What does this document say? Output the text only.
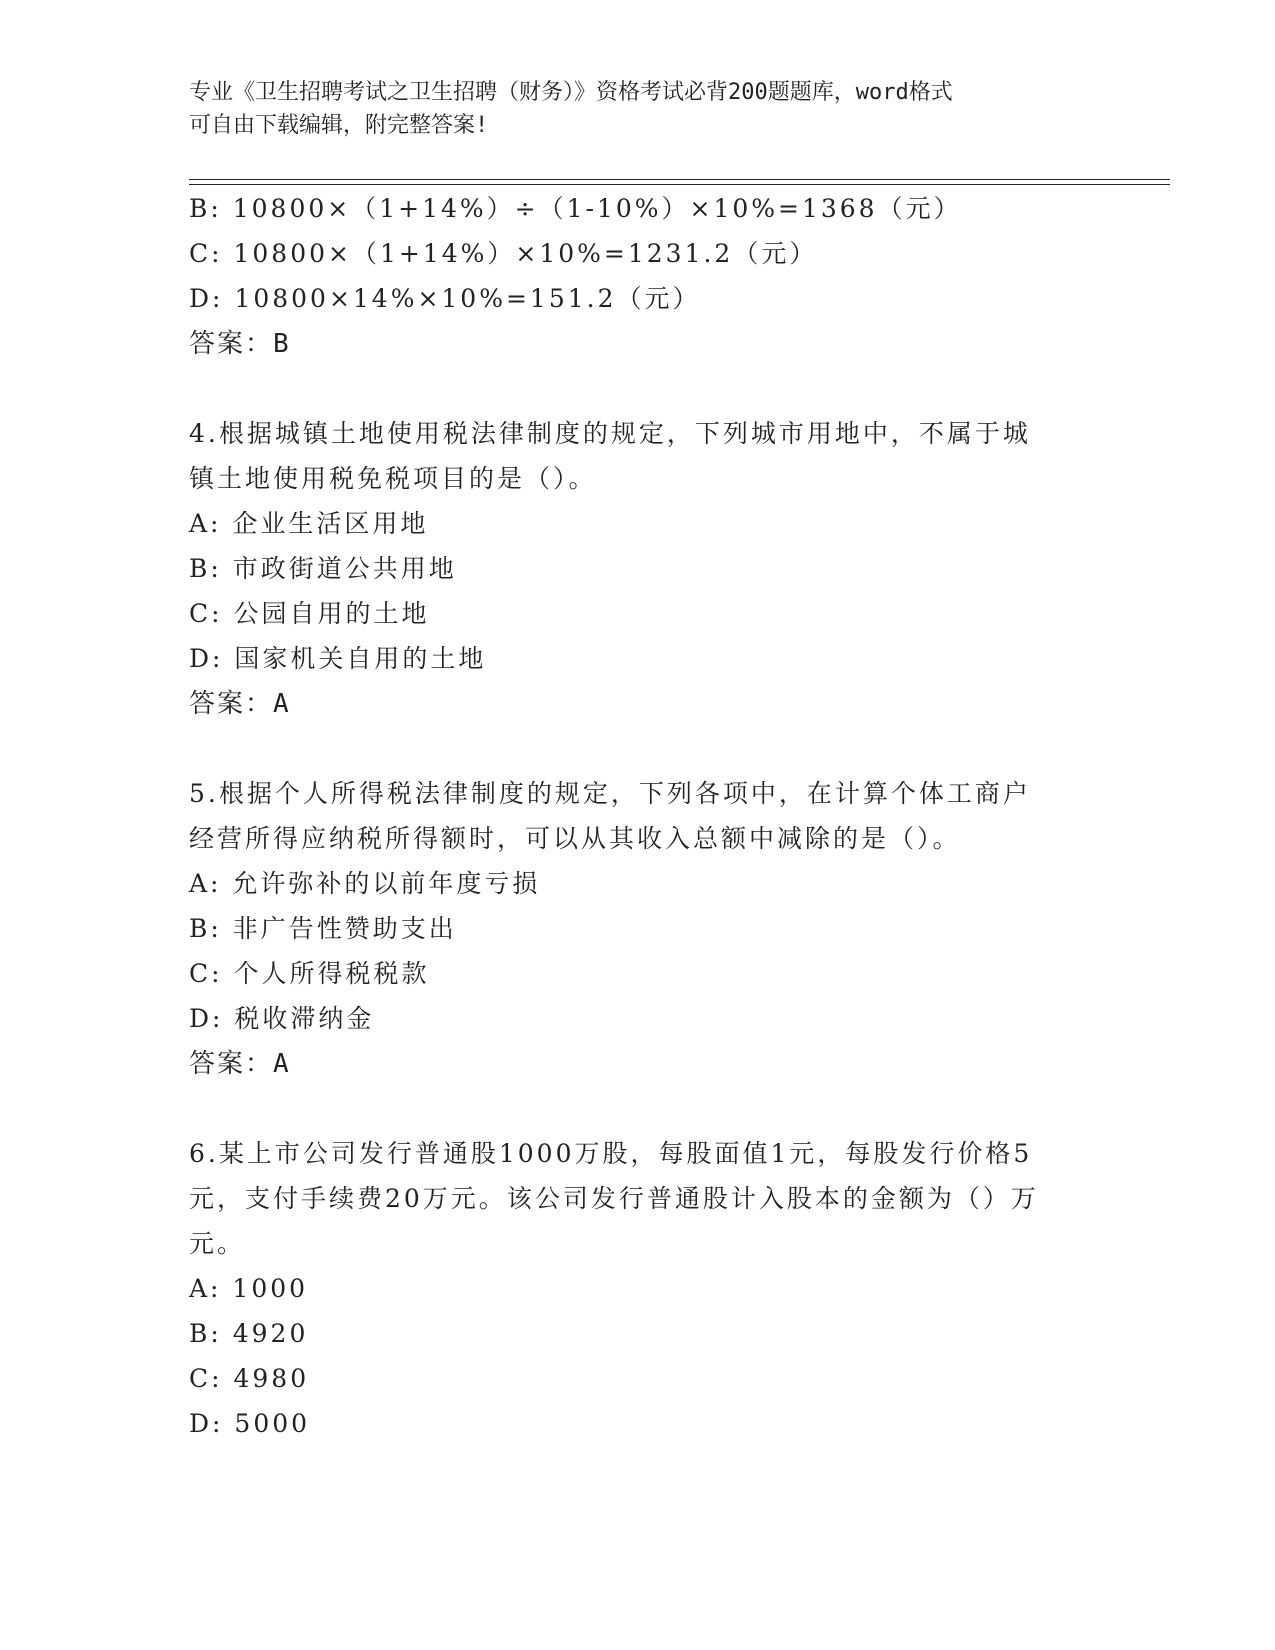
专业《卫生招聘考试之卫生招聘（财务）》资格考试必背200题题库，word格式
可自由下载编辑，附完整答案!
B: 10800×（1+14%）÷（1-10%）×10%=1368（元）
C: 10800×（1+14%）×10%=1231.2（元）
D: 10800×14%×10%=151.2（元）
答案：B
4.根据城镇土地使用税法律制度的规定，下列城市用地中，不属于城
镇土地使用税免税项目的是（）。
A: 企业生活区用地
B: 市政街道公共用地
C: 公园自用的土地
D: 国家机关自用的土地
答案：A
5.根据个人所得税法律制度的规定，下列各项中，在计算个体工商户
经营所得应纳税所得额时，可以从其收入总额中减除的是（）。
A: 允许弥补的以前年度亏损
B: 非广告性赞助支出
C: 个人所得税税款
D: 税收滞纳金
答案：A
6.某上市公司发行普通股1000万股，每股面值1元，每股发行价格5
元，支付手续费20万元。该公司发行普通股计入股本的金额为（）万
元。
A: 1000
B: 4920
C: 4980
D: 5000
